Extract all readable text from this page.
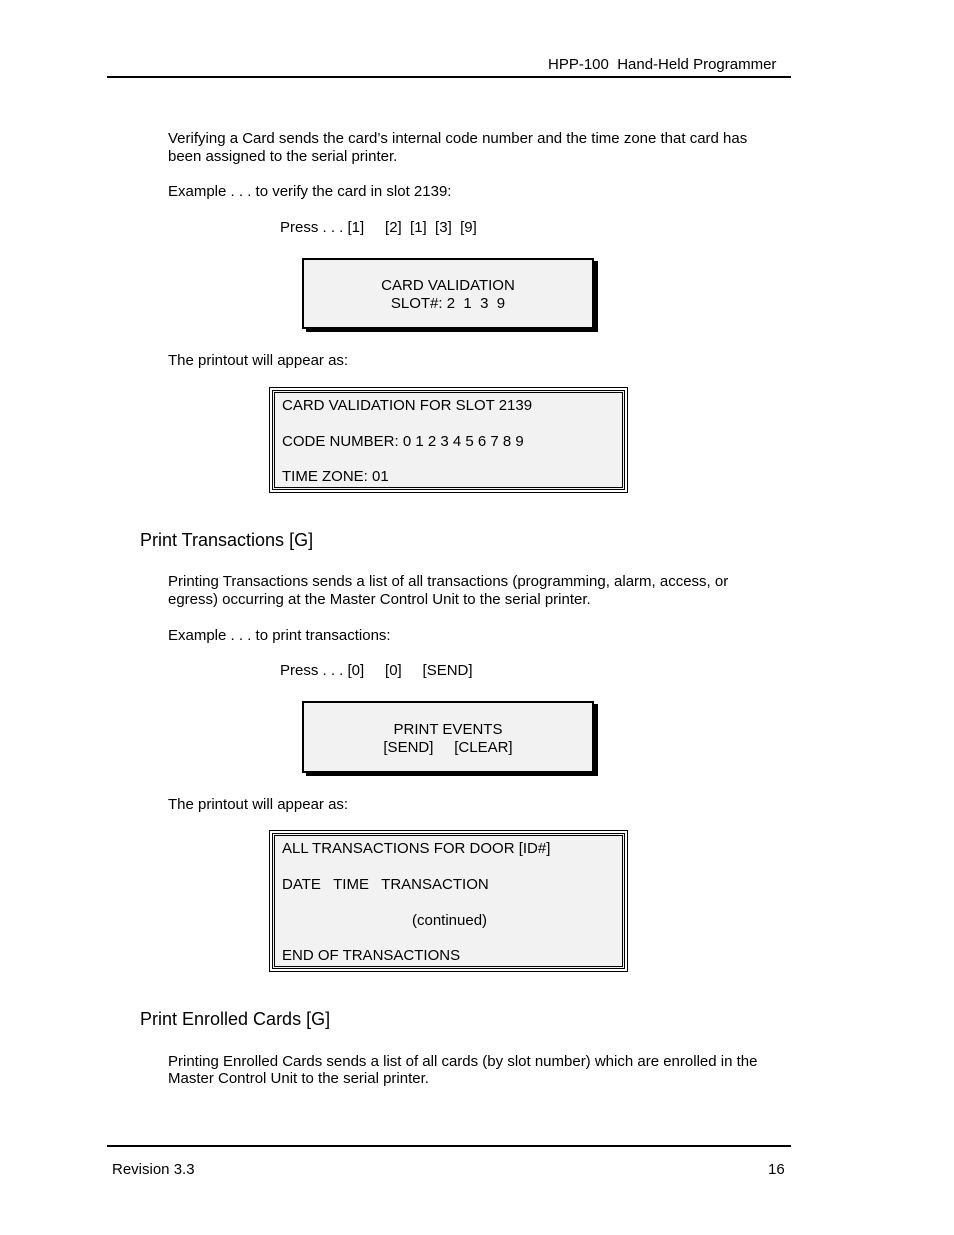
HPP-100  Hand-Held Programmer
Verifying a Card sends the card’s internal code number and the time zone that card has
been assigned to the serial printer.
Example . . . to verify the card in slot 2139:
Press . . . [1]     [2]  [1]  [3]  [9]
CARD VALIDATION
SLOT#: 2  1  3  9
The printout will appear as:
CARD VALIDATION FOR SLOT 2139
CODE NUMBER: 0 1 2 3 4 5 6 7 8 9
TIME ZONE: 01
Print Transactions [G]
Printing Transactions sends a list of all transactions (programming, alarm, access, or
egress) occurring at the Master Control Unit to the serial printer.
Example . . . to print transactions:
Press . . . [0]     [0]     [SEND]
PRINT EVENTS
[SEND]     [CLEAR]
The printout will appear as:
ALL TRANSACTIONS FOR DOOR [ID#]
DATE   TIME   TRANSACTION
(continued)
END OF TRANSACTIONS
Print Enrolled Cards [G]
Printing Enrolled Cards sends a list of all cards (by slot number) which are enrolled in the
Master Control Unit to the serial printer.
Revision 3.3	16
